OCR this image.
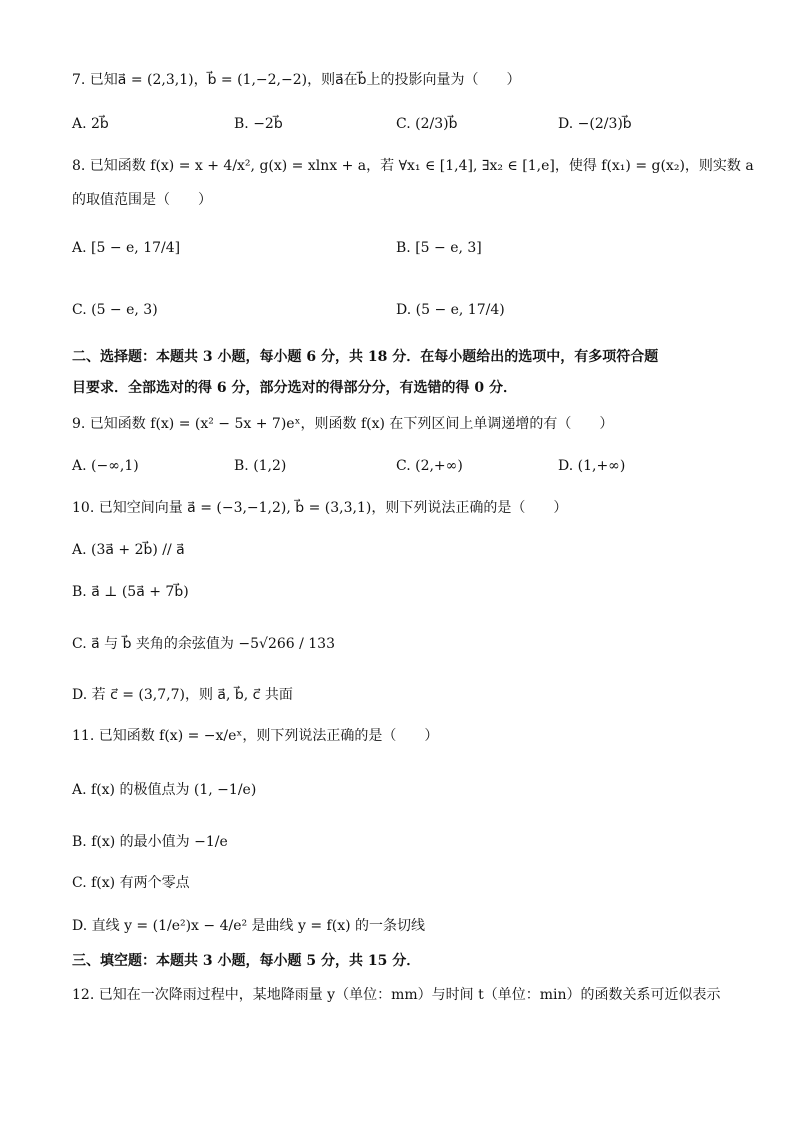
7. 已知a⃗ = (2,3,1)，b⃗ = (1,−2,−2)，则a⃗在b⃗上的投影向量为（　　）
A. 2b⃗	B. −2b⃗	C. (2/3)b⃗	D. −(2/3)b⃗
8. 已知函数 f(x) = x + 4/x², g(x) = xlnx + a，若 ∀x₁ ∈ [1,4], ∃x₂ ∈ [1,e]，使得 f(x₁) = g(x₂)，则实数 a
的取值范围是（　　）
A. [5 − e, 17/4]	B. [5 − e, 3]
C. (5 − e, 3)	D. (5 − e, 17/4)
二、选择题：本题共 3 小题，每小题 6 分，共 18 分．在每小题给出的选项中，有多项符合题
目要求．全部选对的得 6 分，部分选对的得部分分，有选错的得 0 分．
9. 已知函数 f(x) = (x² − 5x + 7)eˣ，则函数 f(x) 在下列区间上单调递增的有（　　）
A. (−∞,1)	B. (1,2)	C. (2,+∞)	D. (1,+∞)
10. 已知空间向量 a⃗ = (−3,−1,2), b⃗ = (3,3,1)，则下列说法正确的是（　　）
A. (3a⃗ + 2b⃗) // a⃗
B. a⃗ ⊥ (5a⃗ + 7b⃗)
C. a⃗ 与 b⃗ 夹角的余弦值为 −5√266 / 133
D. 若 c⃗ = (3,7,7)，则 a⃗, b⃗, c⃗ 共面
11. 已知函数 f(x) = −x/eˣ，则下列说法正确的是（　　）
A. f(x) 的极值点为 (1, −1/e)
B. f(x) 的最小值为 −1/e
C. f(x) 有两个零点
D. 直线 y = (1/e²)x − 4/e² 是曲线 y = f(x) 的一条切线
三、填空题：本题共 3 小题，每小题 5 分，共 15 分．
12. 已知在一次降雨过程中，某地降雨量 y（单位：mm）与时间 t（单位：min）的函数关系可近似表示
